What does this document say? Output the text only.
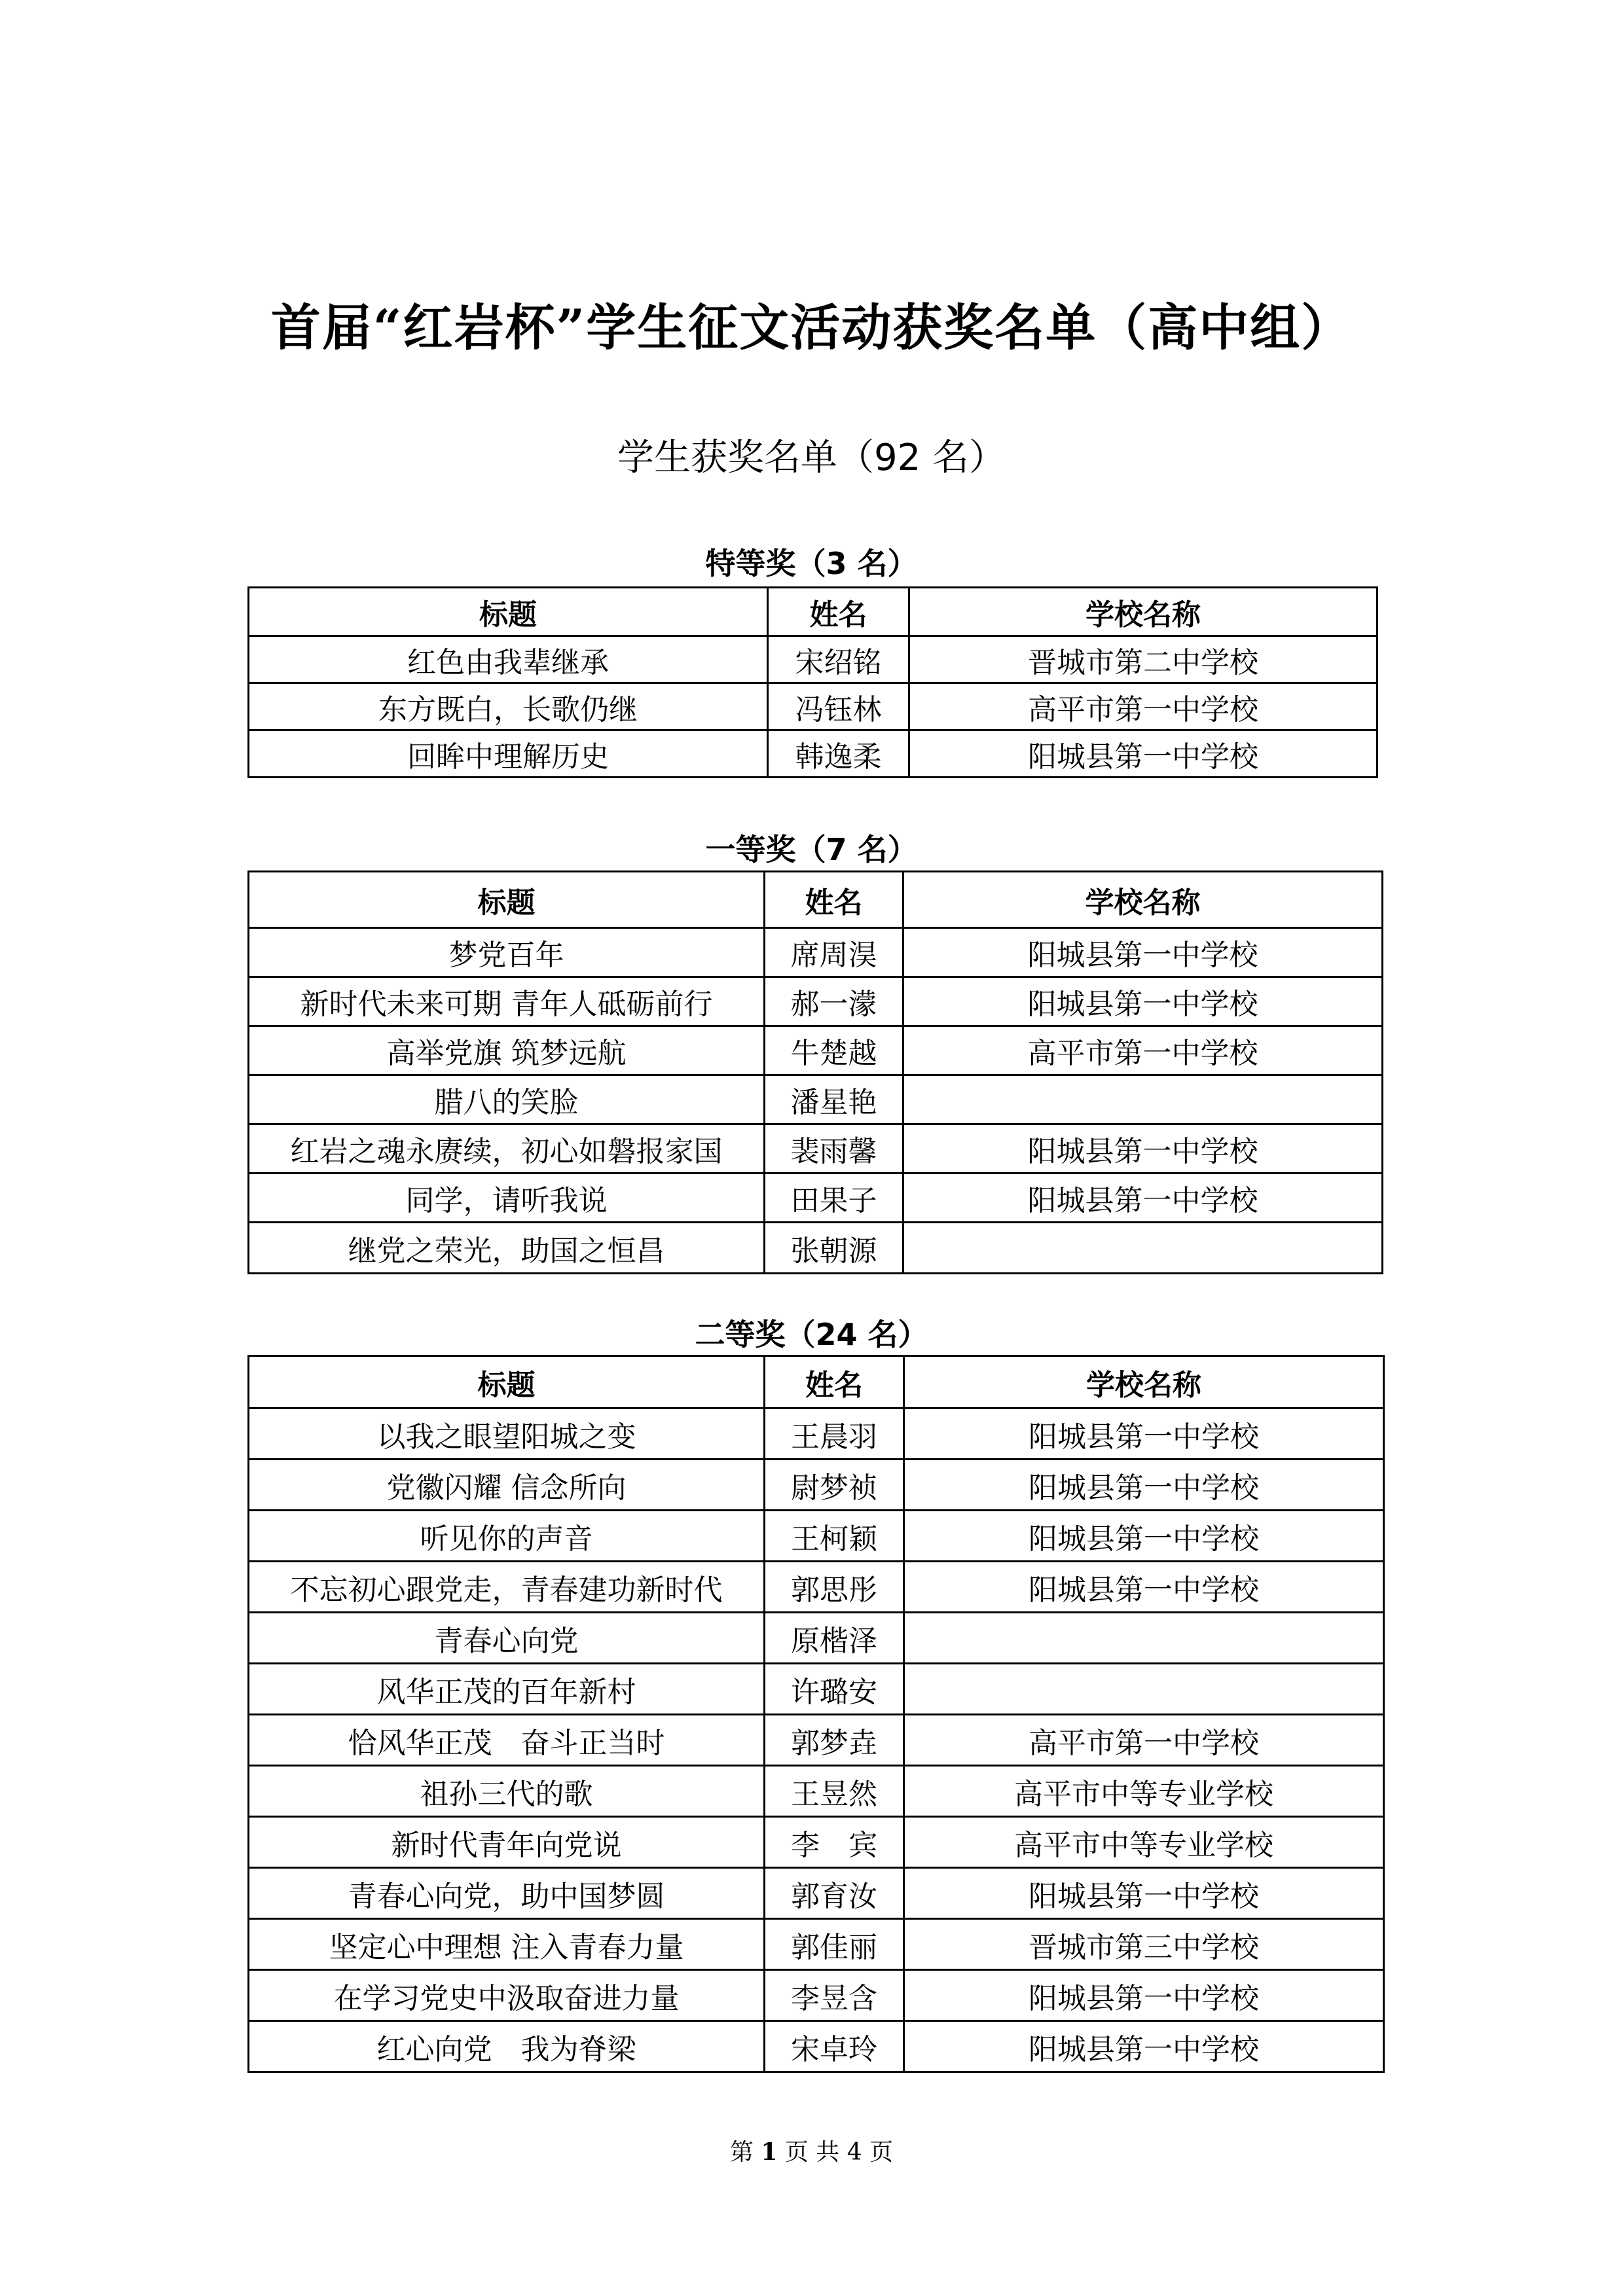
首届“红岩杯”学生征文活动获奖名单（高中组）
学生获奖名单（92 名）
特等奖（3 名）
标题	姓名	学校名称
红色由我辈继承	宋绍铭	晋城市第二中学校
东方既白，长歌仍继	冯钰林	高平市第一中学校
回眸中理解历史	韩逸柔	阳城县第一中学校
一等奖（7 名）
标题	姓名	学校名称
梦党百年	席周淏	阳城县第一中学校
新时代未来可期 青年人砥砺前行	郝一濛	阳城县第一中学校
高举党旗 筑梦远航	牛楚越	高平市第一中学校
腊八的笑脸	潘星艳	
红岩之魂永赓续，初心如磐报家国	裴雨馨	阳城县第一中学校
同学，请听我说	田果子	阳城县第一中学校
继党之荣光，助国之恒昌	张朝源	
二等奖（24 名）
标题	姓名	学校名称
以我之眼望阳城之变	王晨羽	阳城县第一中学校
党徽闪耀 信念所向	尉梦祯	阳城县第一中学校
听见你的声音	王柯颖	阳城县第一中学校
不忘初心跟党走，青春建功新时代	郭思彤	阳城县第一中学校
青春心向党	原楷泽	
风华正茂的百年新村	许璐安	
恰风华正茂　奋斗正当时	郭梦垚	高平市第一中学校
祖孙三代的歌	王昱然	高平市中等专业学校
新时代青年向党说	李　宾	高平市中等专业学校
青春心向党，助中国梦圆	郭育汝	阳城县第一中学校
坚定心中理想 注入青春力量	郭佳丽	晋城市第三中学校
在学习党史中汲取奋进力量	李昱含	阳城县第一中学校
红心向党　我为脊梁	宋卓玲	阳城县第一中学校
第 1 页 共 4 页
